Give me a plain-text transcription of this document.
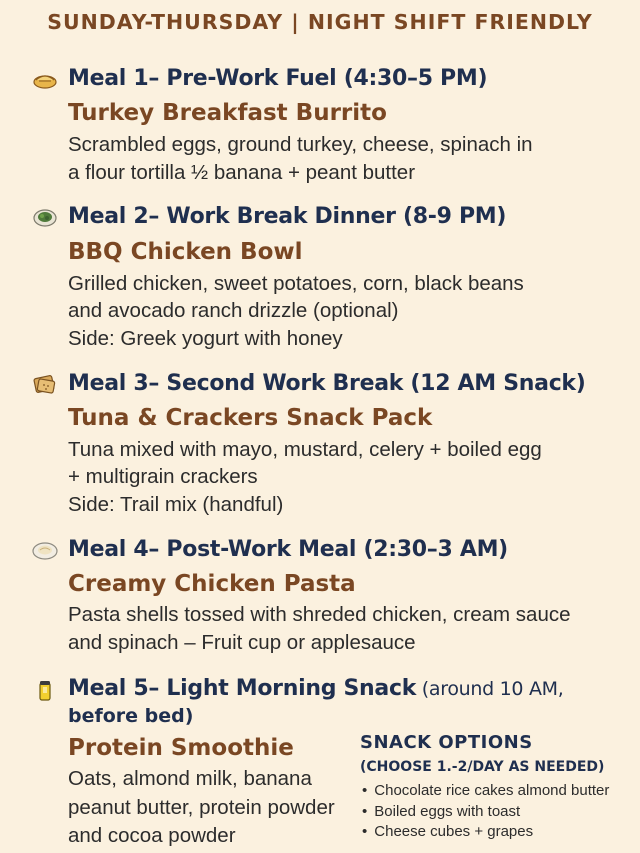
SUNDAY-THURSDAY | NIGHT SHIFT FRIENDLY
Meal 1– Pre-Work Fuel (4:30–5 PM)
Turkey Breakfast Burrito
Scrambled eggs, ground turkey, cheese, spinach in
a flour tortilla ½ banana + peant butter
Meal 2– Work Break Dinner (8-9 PM)
BBQ Chicken Bowl
Grilled chicken, sweet potatoes, corn, black beans
and avocado ranch drizzle (optional)
Side: Greek yogurt with honey
Meal 3– Second Work Break (12 AM Snack)
Tuna & Crackers Snack Pack
Tuna mixed with mayo, mustard, celery + boiled egg
+ multigrain crackers
Side: Trail mix (handful)
Meal 4– Post-Work Meal (2:30–3 AM)
Creamy Chicken Pasta
Pasta shells tossed with shreded chicken, cream sauce
and spinach – Fruit cup or applesauce
Meal 5– Light Morning Snack (around 10 AM,
before bed)
Protein Smoothie
Oats, almond milk, banana
peanut butter, protein powder
and cocoa powder
SNACK OPTIONS
(CHOOSE 1.-2/DAY AS NEEDED)
• Chocolate rice cakes almond butter
• Boiled eggs with toast
• Cheese cubes + grapes
